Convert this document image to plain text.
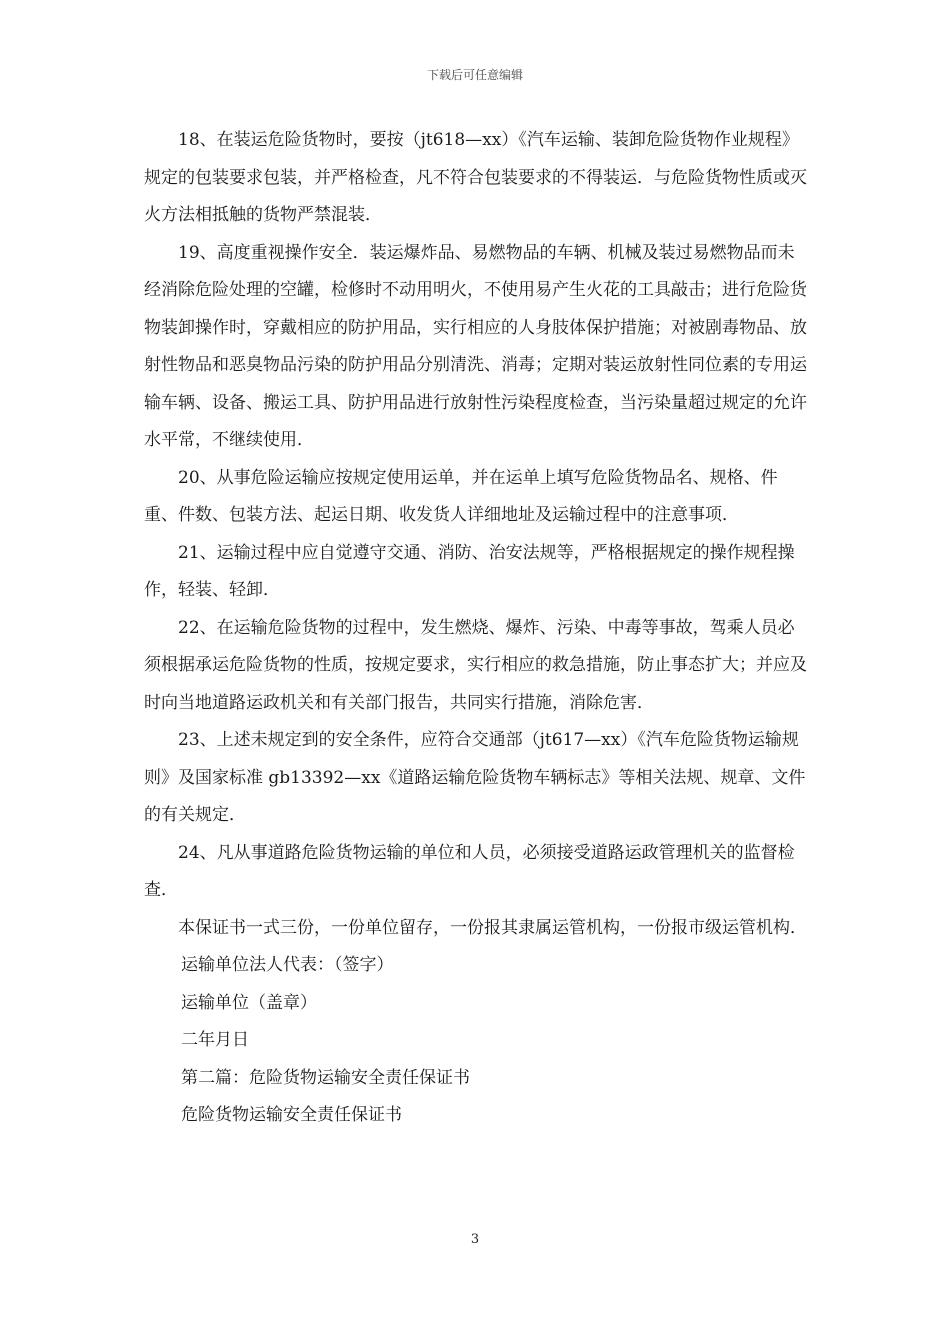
下载后可任意编辑

18、在装运危险货物时，要按（jt618—xx）《汽车运输、装卸危险货物作业规程》规定的包装要求包装，并严格检查，凡不符合包装要求的不得装运．与危险货物性质或灭火方法相抵触的货物严禁混装．

19、高度重视操作安全．装运爆炸品、易燃物品的车辆、机械及装过易燃物品而未经消除危险处理的空罐，检修时不动用明火，不使用易产生火花的工具敲击；进行危险货物装卸操作时，穿戴相应的防护用品，实行相应的人身肢体保护措施；对被剧毒物品、放射性物品和恶臭物品污染的防护用品分别清洗、消毒；定期对装运放射性同位素的专用运输车辆、设备、搬运工具、防护用品进行放射性污染程度检查，当污染量超过规定的允许水平常，不继续使用．

20、从事危险运输应按规定使用运单，并在运单上填写危险货物品名、规格、件重、件数、包装方法、起运日期、收发货人详细地址及运输过程中的注意事项．

21、运输过程中应自觉遵守交通、消防、治安法规等，严格根据规定的操作规程操作，轻装、轻卸．

22、在运输危险货物的过程中，发生燃烧、爆炸、污染、中毒等事故，驾乘人员必须根据承运危险货物的性质，按规定要求，实行相应的救急措施，防止事态扩大；并应及时向当地道路运政机关和有关部门报告，共同实行措施，消除危害．

23、上述未规定到的安全条件，应符合交通部（jt617—xx）《汽车危险货物运输规则》及国家标准 gb13392—xx《道路运输危险货物车辆标志》等相关法规、规章、文件的有关规定．

24、凡从事道路危险货物运输的单位和人员，必须接受道路运政管理机关的监督检查．

本保证书一式三份，一份单位留存，一份报其隶属运管机构，一份报市级运管机构．

运输单位法人代表：（签字）

运输单位（盖章）

二年月日

第二篇：危险货物运输安全责任保证书

危险货物运输安全责任保证书

3
